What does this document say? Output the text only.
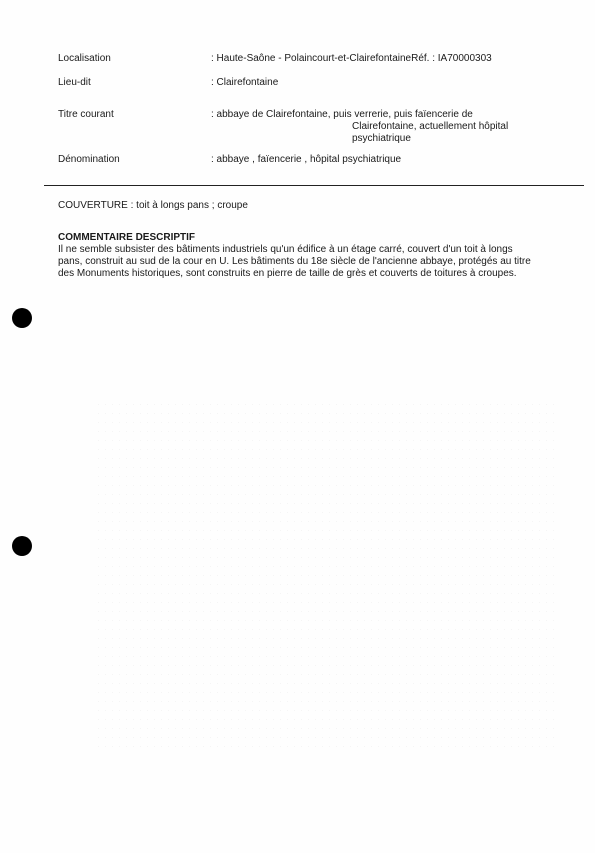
Localisation	: Haute-Saône - Polaincourt-et-ClairefontaineRéf. : IA70000303
Lieu-dit	: Clairefontaine
Titre courant	: abbaye de Clairefontaine, puis verrerie, puis faïencerie de
Clairefontaine, actuellement hôpital
psychiatrique
Dénomination	: abbaye , faïencerie , hôpital psychiatrique
COUVERTURE : toit à longs pans ; croupe
COMMENTAIRE DESCRIPTIF
Il ne semble subsister des bâtiments industriels qu'un édifice à un étage carré, couvert d'un toit à longs
pans, construit au sud de la cour en U. Les bâtiments du 18e siècle de l'ancienne abbaye, protégés au titre
des Monuments historiques, sont construits en pierre de taille de grès et couverts de toitures à croupes.
